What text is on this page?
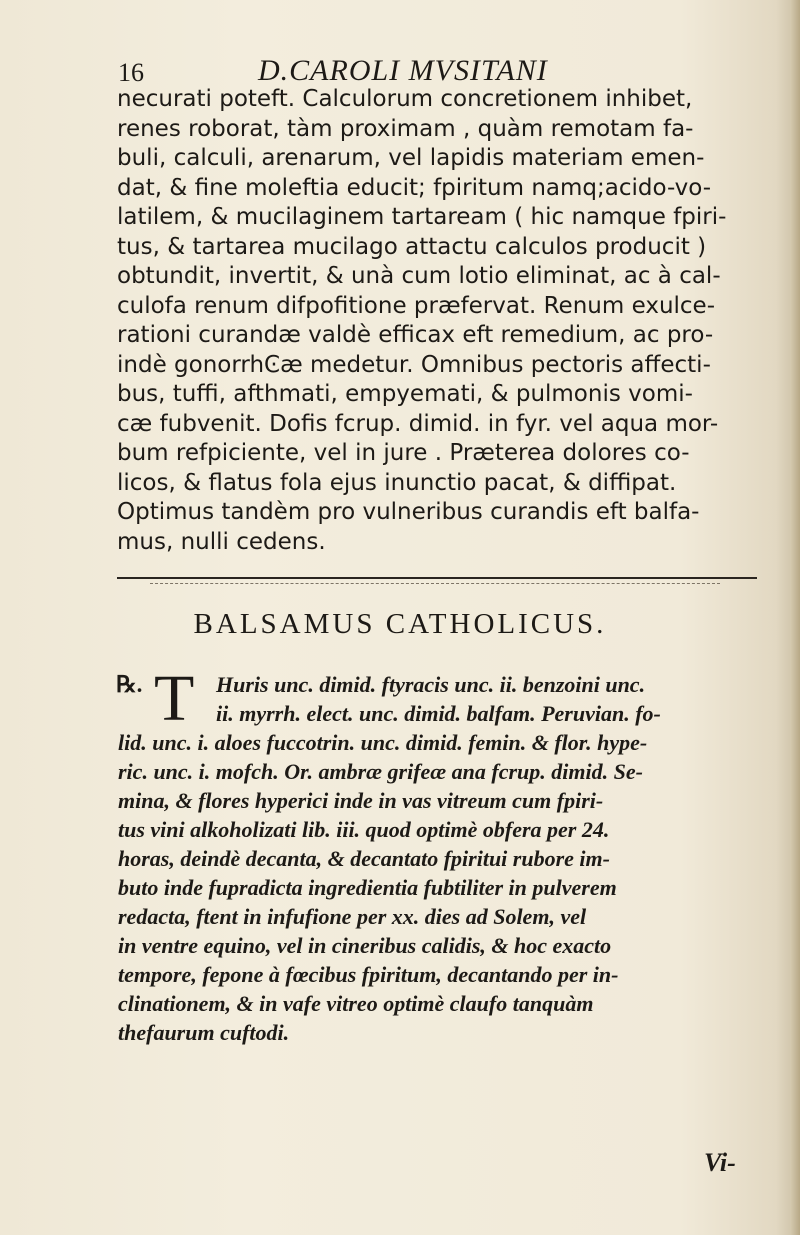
16	D.CAROLI MVSITANI
necurati poteft. Calculorum concretionem inhibet,
renes roborat, tàm proximam , quàm remotam fa-
buli, calculi, arenarum, vel lapidis materiam emen-
dat, & fine moleftia educit; fpiritum namq;acido-vo-
latilem, & mucilaginem tartaream ( hic namque fpiri-
tus, & tartarea mucilago attactu calculos producit )
obtundit, invertit, & unà cum lotio eliminat, ac à cal-
culofa renum difpofitione præfervat. Renum exulce-
rationi curandæ valdè efficax eft remedium, ac pro-
indè gonorrhϾæ medetur. Omnibus pectoris affecti-
bus, tuffi, afthmati, empyemati, & pulmonis vomi-
cæ fubvenit. Dofis fcrup. dimid. in fyr. vel aqua mor-
bum refpiciente, vel in jure . Præterea dolores co-
licos, & flatus fola ejus inunctio pacat, & diffipat.
Optimus tandèm pro vulneribus curandis eft balfa-
mus, nulli cedens.
BALSAMUS CATHOLICUS.
℞. T Huris unc. dimid. ftyracis unc. ii. benzoini unc.
ii. myrrh. elect. unc. dimid. balfam. Peruvian. fo-
lid. unc. i. aloes fuccotrin. unc. dimid. femin. & flor. hype-
ric. unc. i. mofch. Or. ambræ grifeæ ana fcrup. dimid. Se-
mina, & flores hyperici inde in vas vitreum cum fpiri-
tus vini alkoholizati lib. iii. quod optimè obfera per 24.
horas, deindè decanta, & decantato fpiritui rubore im-
buto inde fupradicta ingredientia fubtiliter in pulverem
redacta, ftent in infufione per xx. dies ad Solem, vel
in ventre equino, vel in cineribus calidis, & hoc exacto
tempore, fepone à fœcibus fpiritum, decantando per in-
clinationem, & in vafe vitreo optimè claufo tanquàm
thefaurum cuftodi.
Vi-
